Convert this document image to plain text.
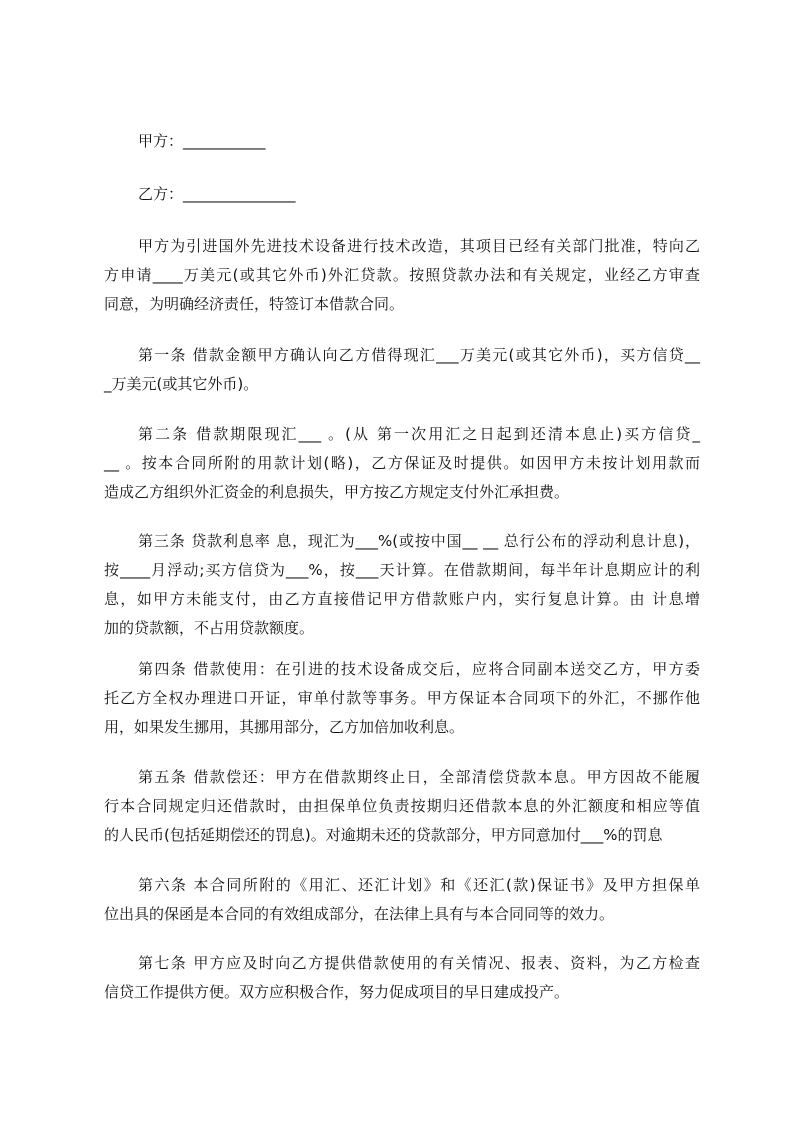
甲方：___________
乙方：_______________
甲方为引进国外先进技术设备进行技术改造，其项目已经有关部门批准，特向乙
方申请____万美元(或其它外币)外汇贷款。按照贷款办法和有关规定，业经乙方审查
同意，为明确经济责任，特签订本借款合同。
第一条 借款金额甲方确认向乙方借得现汇___万美元(或其它外币)，买方信贷__
_万美元(或其它外币)。
第二条 借款期限现汇___ 。(从 第一次用汇之日起到还清本息止)买方信贷_
__ 。按本合同所附的用款计划(略)，乙方保证及时提供。如因甲方未按计划用款而
造成乙方组织外汇资金的利息损失，甲方按乙方规定支付外汇承担费。
第三条 贷款利息率 息，现汇为___%(或按中国__ __ 总行公布的浮动利息计息)，
按____月浮动;买方信贷为___%，按___天计算。在借款期间，每半年计息期应计的利
息，如甲方未能支付，由乙方直接借记甲方借款账户内，实行复息计算。由 计息增
加的贷款额，不占用贷款额度。
第四条 借款使用：在引进的技术设备成交后，应将合同副本送交乙方，甲方委
托乙方全权办理进口开证，审单付款等事务。甲方保证本合同项下的外汇，不挪作他
用，如果发生挪用，其挪用部分，乙方加倍加收利息。
第五条 借款偿还：甲方在借款期终止日，全部清偿贷款本息。甲方因故不能履
行本合同规定归还借款时，由担保单位负责按期归还借款本息的外汇额度和相应等值
的人民币(包括延期偿还的罚息)。对逾期未还的贷款部分，甲方同意加付___%的罚息
第六条 本合同所附的《用汇、还汇计划》和《还汇(款)保证书》及甲方担保单
位出具的保函是本合同的有效组成部分，在法律上具有与本合同同等的效力。
第七条 甲方应及时向乙方提供借款使用的有关情况、报表、资料，为乙方检查
信贷工作提供方便。双方应积极合作，努力促成项目的早日建成投产。
